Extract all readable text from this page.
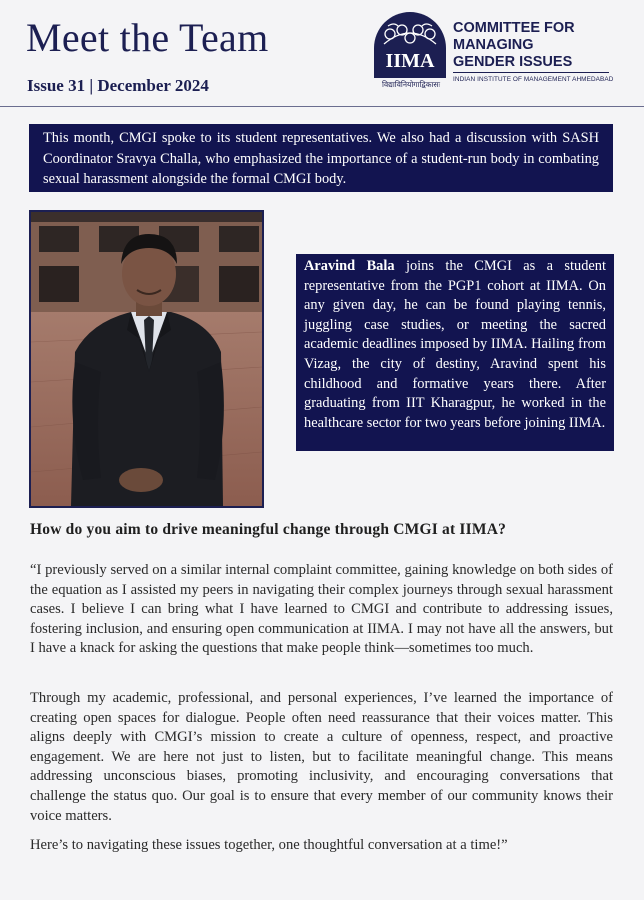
Meet the Team
Issue 31 | December 2024
IIMA
विद्याविनियोगाद्विकासः
COMMITTEE FOR
MANAGING
GENDER ISSUES
INDIAN INSTITUTE OF MANAGEMENT AHMEDABAD
This month, CMGI spoke to its student representatives. We also had a discussion with SASH Coordinator Sravya Challa, who emphasized the importance of a student-run body in combating sexual harassment alongside the formal CMGI body.
Aravind Bala joins the CMGI as a student representative from the PGP1 cohort at IIMA. On any given day, he can be found playing tennis, juggling case studies, or meeting the sacred academic deadlines imposed by IIMA. Hailing from Vizag, the city of destiny, Aravind spent his childhood and formative years there. After graduating from IIT Kharagpur, he worked in the healthcare sector for two years before joining IIMA.
How do you aim to drive meaningful change through CMGI at IIMA?

“I previously served on a similar internal complaint committee, gaining knowledge on both sides of the equation as I assisted my peers in navigating their complex journeys through sexual harassment cases. I believe I can bring what I have learned to CMGI and contribute to addressing issues, fostering inclusion, and ensuring open communication at IIMA. I may not have all the answers, but I have a knack for asking the questions that make people think—sometimes too much.

Through my academic, professional, and personal experiences, I’ve learned the importance of creating open spaces for dialogue. People often need reassurance that their voices matter. This aligns deeply with CMGI’s mission to create a culture of openness, respect, and proactive engagement. We are here not just to listen, but to facilitate meaningful change. This means addressing unconscious biases, promoting inclusivity, and encouraging conversations that challenge the status quo. Our goal is to ensure that every member of our community knows their voice matters.

Here’s to navigating these issues together, one thoughtful conversation at a time!”
